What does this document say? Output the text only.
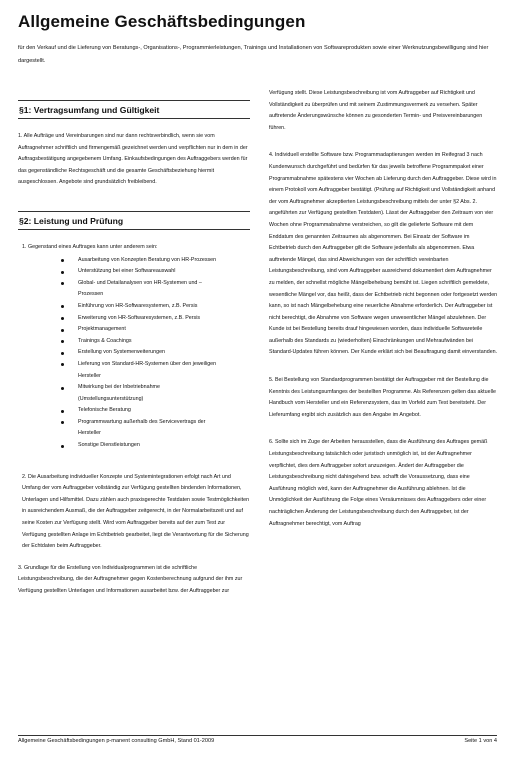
Allgemeine Geschäftsbedingungen
für den Verkauf und die Lieferung von Beratungs-, Organisations-, Programmierleistungen, Trainings und Installationen von Softwareprodukten sowie einer Werknutzungsbewilligung sind hier dargestellt.
§1: Vertragsumfang und Gültigkeit

1. Alle Aufträge und Vereinbarungen sind nur dann rechtsverbindlich, wenn sie vom Auftragnehmer schriftlich und firmengemäß gezeichnet werden und verpflichten nur in dem in der Auftragsbestätigung angegebenem Umfang. Einkaufsbedingungen des Auftraggebers werden für das gegenständliche Rechtsgeschäft und die gesamte Geschäftsbeziehung hiermit ausgeschlossen. Angebote sind grundsätzlich freibleibend.

§2: Leistung und Prüfung

1. Gegenstand eines Auftrages kann unter anderem sein:

Ausarbeitung von Konzepten Beratung von HR-Prozessen
Unterstützung bei einer Softwareauswahl
Global- und Detailanalysen von HR-Systemen und –Prozessen
Einführung von HR-Softwaresystemen, z.B. Persis
Erweiterung von HR-Softwaresystemen, z.B. Persis
Projektmanagement
Trainings & Coachings
Erstellung von Systemerweiterungen
Lieferung von Standard-HR-Systemen über den jeweiligen Hersteller
Mitwirkung bei der Inbetriebnahme (Umstellungsunterstützung)
Telefonische Beratung
Programmwartung außerhalb des Servicevertrags der Hersteller
Sonstige Dienstleistungen

2. Die Ausarbeitung individueller Konzepte und Systemintegrationen erfolgt nach Art und Umfang der vom Auftraggeber vollständig zur Verfügung gestellten bindenden Informationen, Unterlagen und Hilfsmittel. Dazu zählen auch praxisgerechte Testdaten sowie Testmöglichkeiten in ausreichendem Ausmaß, die der Auftraggeber zeitgerecht, in der Normalarbeitszeit und auf seine Kosten zur Verfügung stellt. Wird vom Auftraggeber bereits auf der zum Test zur Verfügung gestellten Anlage im Echtbetrieb gearbeitet, liegt die Verantwortung für die Sicherung der Echtdaten beim Auftraggeber.

3. Grundlage für die Erstellung von Individualprogrammen ist die schriftliche Leistungsbeschreibung, die der Auftragnehmer gegen Kostenberechnung aufgrund der ihm zur Verfügung gestellten Unterlagen und Informationen ausarbeitet bzw. der Auftraggeber zur

Verfügung stellt. Diese Leistungsbeschreibung ist vom Auftraggeber auf Richtigkeit und Vollständigkeit zu überprüfen und mit seinem Zustimmungsvermerk zu versehen. Später auftretende Änderungswünsche können zu gesonderten Termin- und Preisvereinbarungen führen.

4. Individuell erstellte Software bzw. Programmadaptierungen werden im Reifegrad 3 nach Kundenwunsch durchgeführt und bedürfen für das jeweils betroffene Programmpaket einer Programmabnahme spätestens vier Wochen ab Lieferung durch den Auftraggeber. Diese wird in einem Protokoll vom Auftraggeber bestätigt. (Prüfung auf Richtigkeit und Vollständigkeit anhand der vom Auftragnehmer akzeptierten Leistungsbeschreibung mittels der unter §2 Abs. 2. angeführten zur Verfügung gestellten Testdaten). Lässt der Auftraggeber den Zeitraum von vier Wochen ohne Programmabnahme verstreichen, so gilt die gelieferte Software mit dem Enddatum des genannten Zeitraumes als abgenommen. Bei Einsatz der Software im Echtbetrieb durch den Auftraggeber gilt die Software jedenfalls als abgenommen. Etwa auftretende Mängel, das sind Abweichungen von der schriftlich vereinbarten Leistungsbeschreibung, sind vom Auftraggeber ausreichend dokumentiert dem Auftragnehmer zu melden, der schnellst mögliche Mängelbehebung bemüht ist. Liegen schriftlich gemeldete, wesentliche Mängel vor, das heißt, dass der Echtbetrieb nicht begonnen oder fortgesetzt werden kann, so ist nach Mängelbehebung eine neuerliche Abnahme erforderlich. Der Auftraggeber ist nicht berechtigt, die Abnahme von Software wegen unwesentlicher Mängel abzulehnen. Der Kunde ist bei Bestellung bereits drauf hingewiesen worden, dass individuelle Softwareteile außerhalb des Standards zu (wiederholten) Einschränkungen und Mehraufwänden bei Standard-Updates führen können. Der Kunde erklärt sich bei Beauftragung damit einverstanden.

5. Bei Bestellung von Standardprogrammen bestätigt der Auftraggeber mit der Bestellung die Kenntnis des Leistungsumfanges der bestellten Programme. Als Referenzen gelten das aktuelle Handbuch vom Hersteller und ein Referenzsystem, das im Vorfeld zum Test bereitsteht. Der Lieferumfang ergibt sich zusätzlich aus den Angabe im Angebot.

6. Sollte sich im Zuge der Arbeiten herausstellen, dass die Ausführung des Auftrages gemäß Leistungsbeschreibung tatsächlich oder juristisch unmöglich ist, ist der Auftragnehmer verpflichtet, dies dem Auftraggeber sofort anzuzeigen. Ändert der Auftraggeber die Leistungsbeschreibung nicht dahingehend bzw. schafft die Voraussetzung, dass eine Ausführung möglich wird, kann der Auftragnehmer die Ausführung ablehnen. Ist die Unmöglichkeit der Ausführung die Folge eines Versäumnisses des Auftraggebers oder einer nachträglichen Änderung der Leistungsbeschreibung durch den Auftraggeber, ist der Auftragnehmer berechtigt, vom Auftrag

Allgemeine Geschäftsbedingungen p-manent consulting GmbH, Stand 01-2009	Seite 1 von 4
